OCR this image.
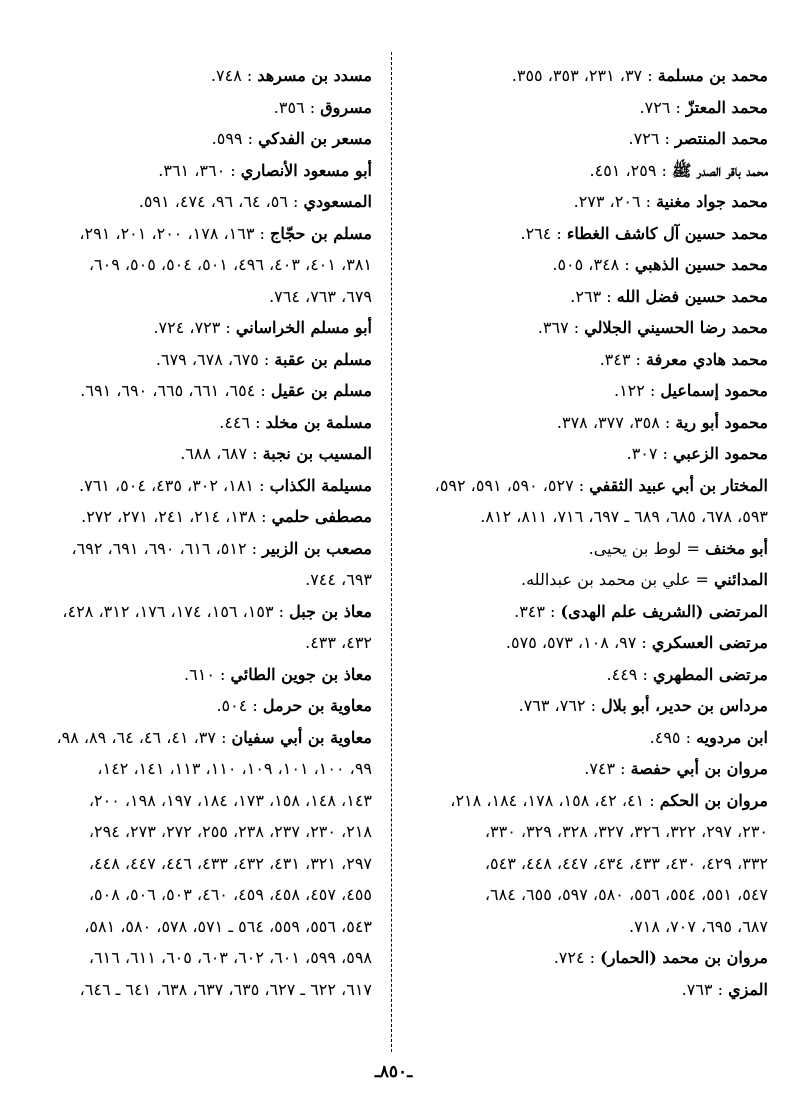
محمد بن مسلمة : ٣٧، ٢٣١، ٣٥٣، ٣٥٥.
محمد المعتزّ : ٧٢٦.
محمد المنتصر : ٧٢٦.
محمد باقر الصدر ﷺ : ٢٥٩، ٤٥١.
محمد جواد مغنية : ٢٠٦، ٢٧٣.
محمد حسين آل كاشف الغطاء : ٢٦٤.
محمد حسين الذهبي : ٣٤٨، ٥٠٥.
محمد حسين فضل الله : ٢٦٣.
محمد رضا الحسيني الجلالي : ٣٦٧.
محمد هادي معرفة : ٣٤٣.
محمود إسماعيل : ١٢٢.
محمود أبو رية : ٣٥٨، ٣٧٧، ٣٧٨.
محمود الزعبي : ٣٠٧.
المختار بن أبي عبيد الثقفي : ٥٢٧، ٥٩٠، ٥٩١، ٥٩٢،
٥٩٣، ٦٧٨، ٦٨٥، ٦٨٩ ـ ٦٩٧، ٧١٦، ٨١١، ٨١٢.
أبو مخنف = لوط بن يحيى.
المدائني = علي بن محمد بن عبدالله.
المرتضى (الشريف علم الهدى) : ٣٤٣.
مرتضى العسكري : ٩٧، ١٠٨، ٥٧٣، ٥٧٥.
مرتضى المطهري : ٤٤٩.
مرداس بن حدير، أبو بلال : ٧٦٢، ٧٦٣.
ابن مردويه : ٤٩٥.
مروان بن أبي حفصة : ٧٤٣.
مروان بن الحكم : ٤١، ٤٢، ١٥٨، ١٧٨، ١٨٤، ٢١٨،
٢٣٠، ٢٩٧، ٣٢٢، ٣٢٦، ٣٢٧، ٣٢٨، ٣٢٩، ٣٣٠،
٣٣٢، ٤٢٩، ٤٣٠، ٤٣٣، ٤٣٤، ٤٤٧، ٤٤٨، ٥٤٣،
٥٤٧، ٥٥١، ٥٥٤، ٥٥٦، ٥٨٠، ٥٩٧، ٦٥٥، ٦٨٤،
٦٨٧، ٦٩٥، ٧٠٧، ٧١٨.
مروان بن محمد (الحمار) : ٧٢٤.
المزي : ٧٦٣.
مسدد بن مسرهد : ٧٤٨.
مسروق : ٣٥٦.
مسعر بن الفدكي : ٥٩٩.
أبو مسعود الأنصاري : ٣٦٠، ٣٦١.
المسعودي : ٥٦، ٦٤، ٩٦، ٤٧٤، ٥٩١.
مسلم بن حجّاج : ١٦٣، ١٧٨، ٢٠٠، ٢٠١، ٢٩١،
٣٨١، ٤٠١، ٤٠٣، ٤٩٦، ٥٠١، ٥٠٤، ٥٠٥، ٦٠٩،
٦٧٩، ٧٦٣، ٧٦٤.
أبو مسلم الخراساني : ٧٢٣، ٧٢٤.
مسلم بن عقبة : ٦٧٥، ٦٧٨، ٦٧٩.
مسلم بن عقيل : ٦٥٤، ٦٦١، ٦٦٥، ٦٩٠، ٦٩١.
مسلمة بن مخلد : ٤٤٦.
المسيب بن نجبة : ٦٨٧، ٦٨٨.
مسيلمة الكذاب : ١٨١، ٣٠٢، ٤٣٥، ٥٠٤، ٧٦١.
مصطفى حلمي : ١٣٨، ٢١٤، ٢٤١، ٢٧١، ٢٧٢.
مصعب بن الزبير : ٥١٢، ٦١٦، ٦٩٠، ٦٩١، ٦٩٢،
٦٩٣، ٧٤٤.
معاذ بن جبل : ١٥٣، ١٥٦، ١٧٤، ١٧٦، ٣١٢، ٤٢٨،
٤٣٢، ٤٣٣.
معاذ بن جوين الطائي : ٦١٠.
معاوية بن حرمل : ٥٠٤.
معاوية بن أبي سفيان : ٣٧، ٤١، ٤٦، ٦٤، ٨٩، ٩٨،
٩٩، ١٠٠، ١٠١، ١٠٩، ١١٠، ١١٣، ١٤١، ١٤٢،
١٤٣، ١٤٨، ١٥٨، ١٧٣، ١٨٤، ١٩٧، ١٩٨، ٢٠٠،
٢١٨، ٢٣٠، ٢٣٧، ٢٣٨، ٢٥٥، ٢٧٢، ٢٧٣، ٢٩٤،
٢٩٧، ٣٢١، ٤٣١، ٤٣٢، ٤٣٣، ٤٤٦، ٤٤٧، ٤٤٨،
٤٥٥، ٤٥٧، ٤٥٨، ٤٥٩، ٤٦٠، ٥٠٣، ٥٠٦، ٥٠٨،
٥٤٣، ٥٥٦، ٥٥٩، ٥٦٤ ـ ٥٧١، ٥٧٨، ٥٨٠، ٥٨١،
٥٩٨، ٥٩٩، ٦٠١، ٦٠٢، ٦٠٣، ٦٠٥، ٦١١، ٦١٦،
٦١٧، ٦٢٢ ـ ٦٢٧، ٦٣٥، ٦٣٧، ٦٣٨، ٦٤١ ـ ٦٤٦،
ـ٨٥٠ـ
